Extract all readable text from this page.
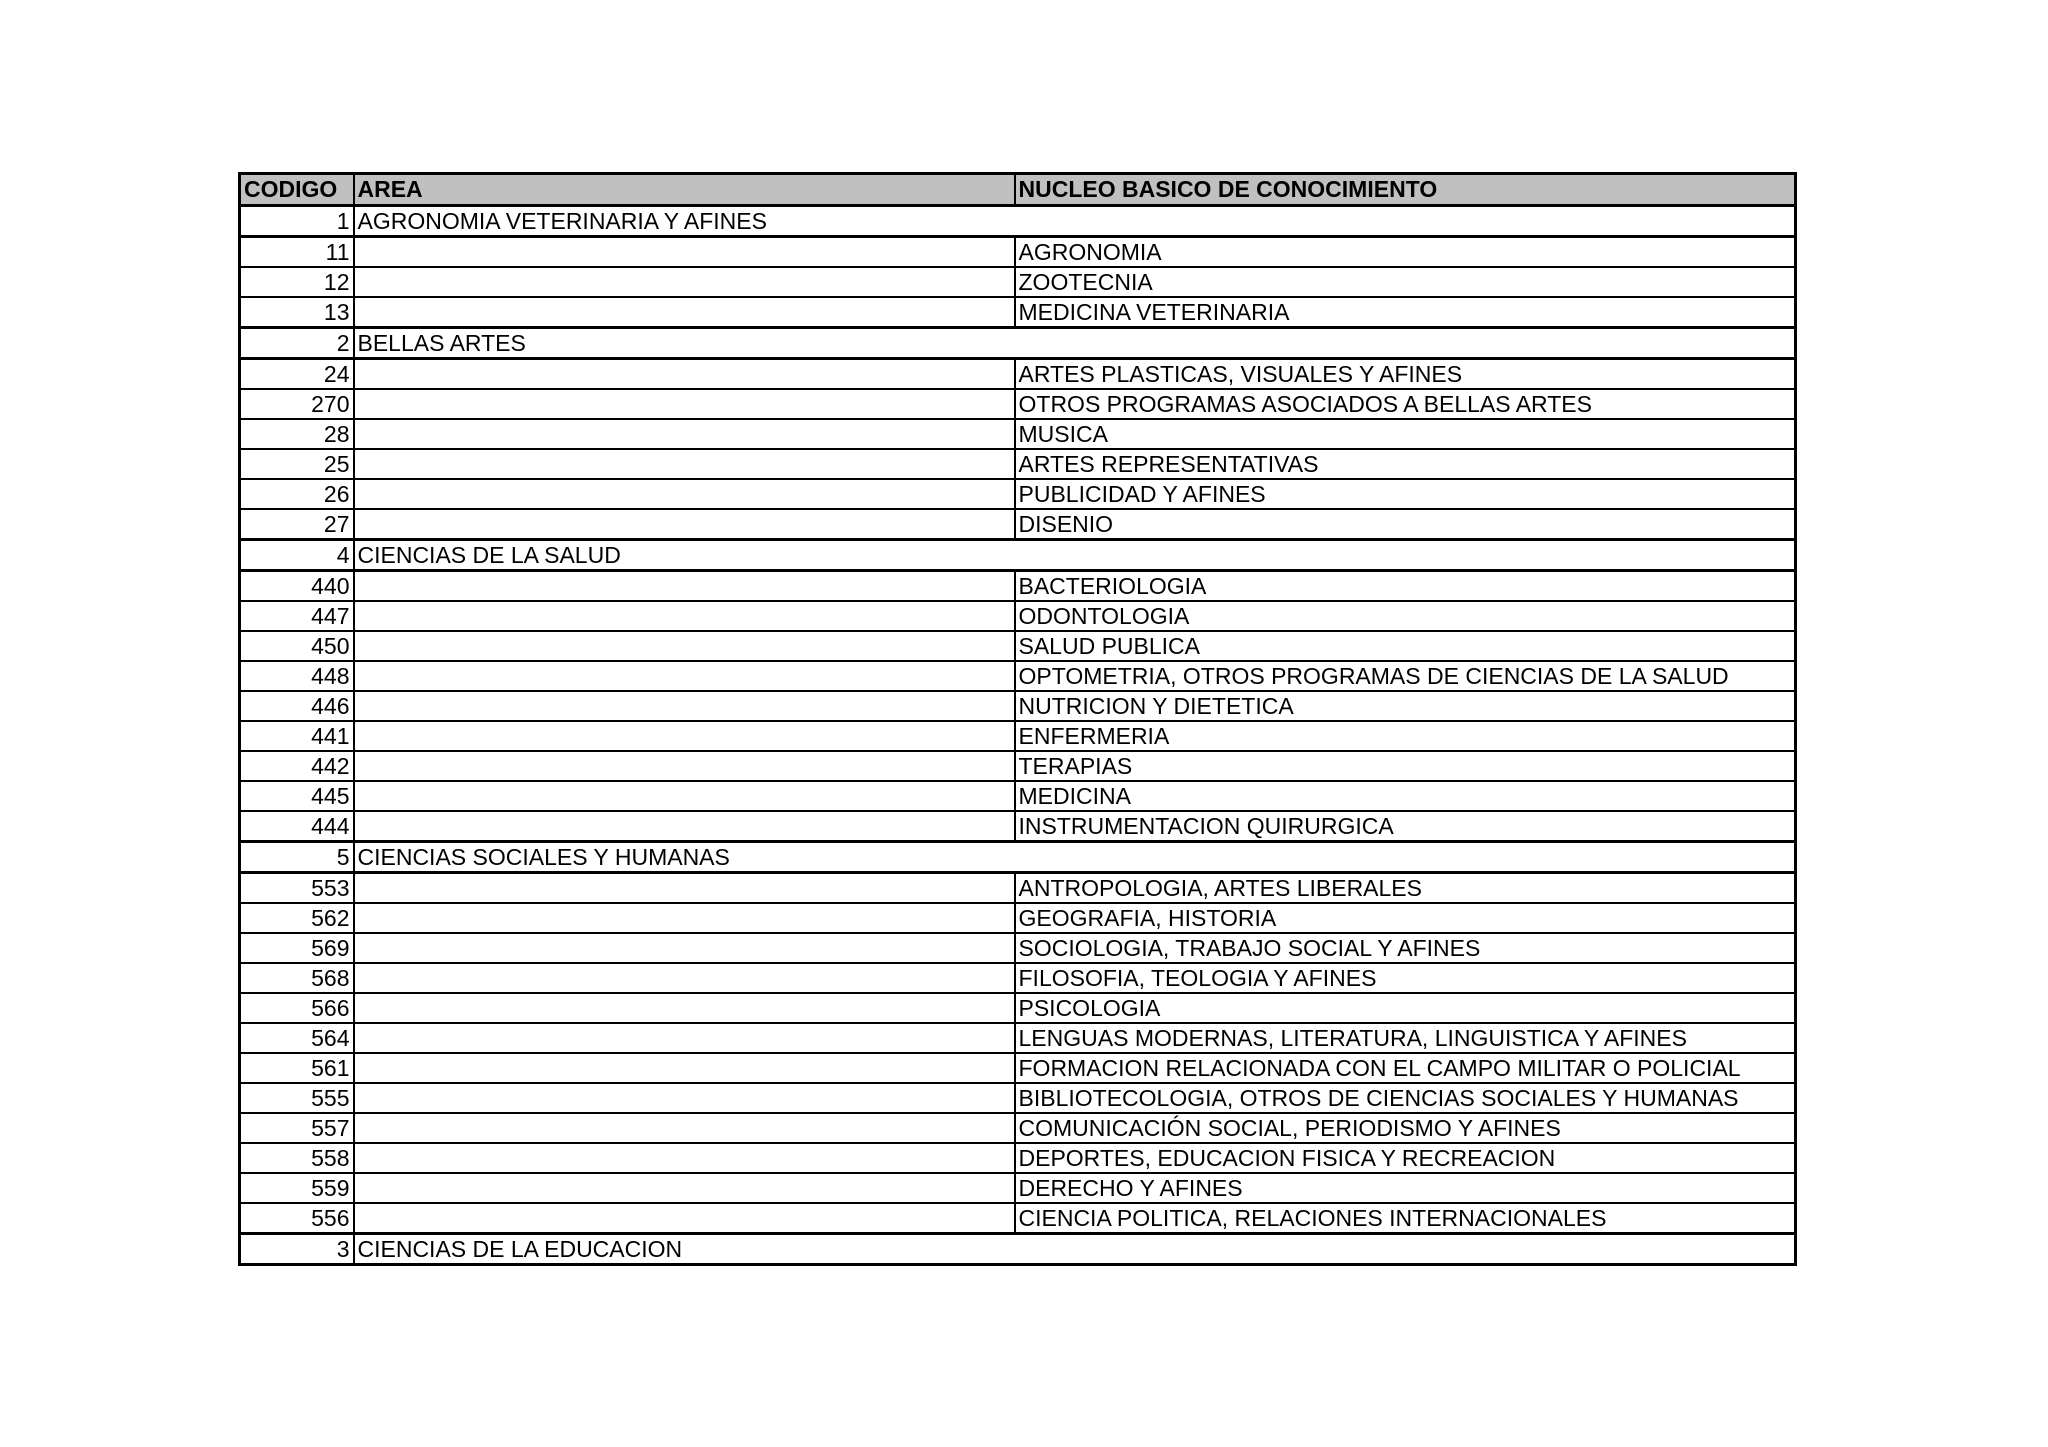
CODIGO	AREA	NUCLEO BASICO DE CONOCIMIENTO
1	AGRONOMIA VETERINARIA Y AFINES	
11		AGRONOMIA
12		ZOOTECNIA
13		MEDICINA VETERINARIA
2	BELLAS ARTES	
24		ARTES PLASTICAS, VISUALES Y AFINES
270		OTROS PROGRAMAS ASOCIADOS A BELLAS ARTES
28		MUSICA
25		ARTES REPRESENTATIVAS
26		PUBLICIDAD Y AFINES
27		DISENIO
4	CIENCIAS DE LA SALUD	
440		BACTERIOLOGIA
447		ODONTOLOGIA
450		SALUD PUBLICA
448		OPTOMETRIA, OTROS PROGRAMAS DE CIENCIAS DE LA SALUD
446		NUTRICION Y DIETETICA
441		ENFERMERIA
442		TERAPIAS
445		MEDICINA
444		INSTRUMENTACION QUIRURGICA
5	CIENCIAS SOCIALES Y HUMANAS	
553		ANTROPOLOGIA, ARTES LIBERALES
562		GEOGRAFIA, HISTORIA
569		SOCIOLOGIA, TRABAJO SOCIAL Y AFINES
568		FILOSOFIA, TEOLOGIA Y AFINES
566		PSICOLOGIA
564		LENGUAS MODERNAS, LITERATURA, LINGUISTICA Y AFINES
561		FORMACION RELACIONADA CON EL CAMPO MILITAR O POLICIAL
555		BIBLIOTECOLOGIA, OTROS DE CIENCIAS SOCIALES Y HUMANAS
557		COMUNICACIÓN SOCIAL, PERIODISMO Y AFINES
558		DEPORTES, EDUCACION FISICA Y RECREACION
559		DERECHO Y AFINES
556		CIENCIA POLITICA, RELACIONES INTERNACIONALES
3	CIENCIAS DE LA EDUCACION	
